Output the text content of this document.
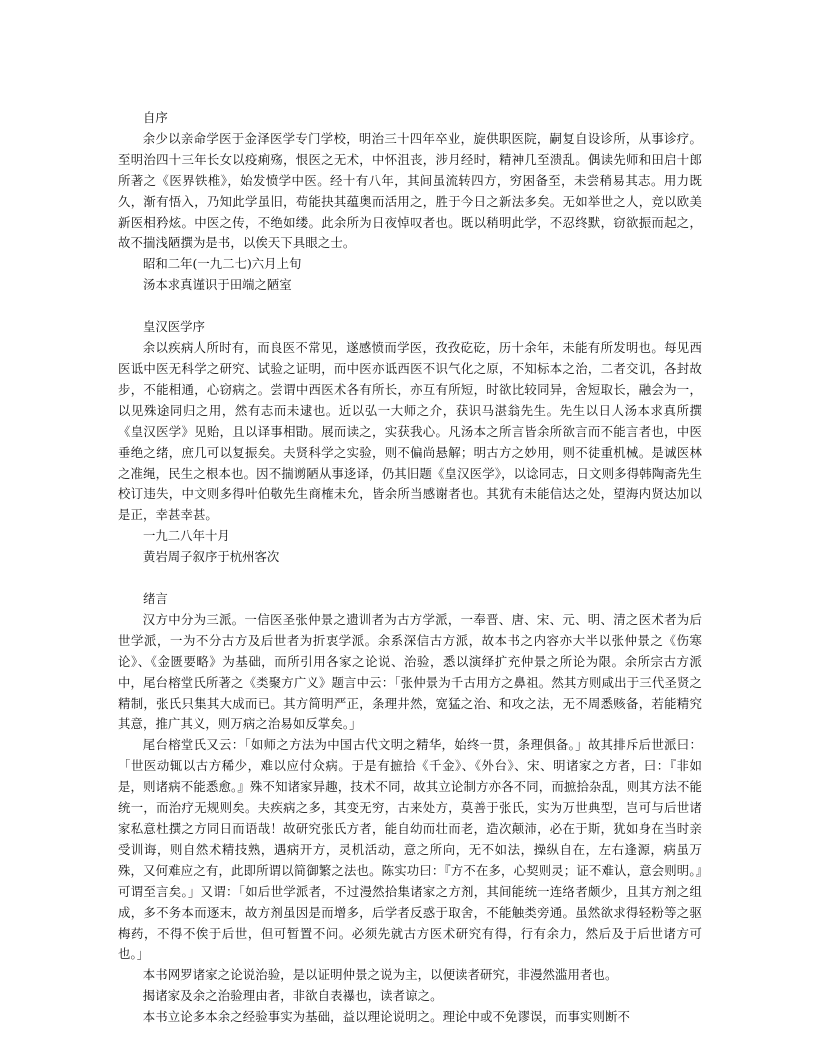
自序

余少以亲命学医于金泽医学专门学校，明治三十四年卒业，旋供职医院，嗣复自设诊所，从事诊疗。至明治四十三年长女以疫痢殇，恨医之无术，中怀沮丧，涉月经时，精神几至溃乱。偶读先师和田启十郎所著之《医界铁椎》，始发愤学中医。经十有八年，其间虽流转四方，穷困备至，未尝稍易其志。用力既久，渐有悟入，乃知此学虽旧，苟能抉其蕴奥而活用之，胜于今日之新法多矣。无如举世之人，竞以欧美新医相矜炫。中医之传，不绝如缕。此余所为日夜悼叹者也。既以稍明此学，不忍终默，窃欲振而起之，故不揣浅陋撰为是书，以俟天下具眼之士。

昭和二年(一九二七)六月上旬
汤本求真谨识于田端之陋室
皇汉医学序

余以疾病人所时有，而良医不常见，遂感愤而学医，孜孜矻矻，历十余年，未能有所发明也。每见西医诋中医无科学之研究、试验之证明，而中医亦诋西医不识气化之原，不知标本之治，二者交讥，各封故步，不能相通，心窃病之。尝谓中西医术各有所长，亦互有所短，时欲比较同异，舍短取长，融会为一，以见殊途同归之用，然有志而未逮也。近以弘一大师之介，获识马湛翁先生。先生以日人汤本求真所撰《皇汉医学》见贻，且以译事相勖。展而读之，实获我心。凡汤本之所言皆余所欲言而不能言者也，中医垂绝之绪，庶几可以复振矣。夫贤科学之实验，则不偏尚悬解；明古方之妙用，则不徒重机械。是诚医林之准绳，民生之根本也。因不揣谫陋从事迻译，仍其旧题《皇汉医学》，以谂同志，日文则多得韩陶斋先生校订违失，中文则多得叶伯敬先生商榷未允，皆余所当感谢者也。其犹有未能信达之处，望海内贤达加以是正，幸甚幸甚。

一九二八年十月
黄岩周子叙序于杭州客次
绪言

汉方中分为三派。一信医圣张仲景之遗训者为古方学派，一奉晋、唐、宋、元、明、清之医术者为后世学派，一为不分古方及后世者为折衷学派。余系深信古方派，故本书之内容亦大半以张仲景之《伤寒论》、《金匮要略》为基础，而所引用各家之论说、治验，悉以演绎扩充仲景之所论为限。余所宗古方派中，尾台榕堂氏所著之《类聚方广义》题言中云：「张仲景为千古用方之鼻祖。然其方则咸出于三代圣贤之精制，张氏只集其大成而已。其方简明严正，条理井然，宽猛之治、和攻之法，无不周悉赅备，若能精究其意，推广其义，则万病之治易如反掌矣。」

尾台榕堂氏又云：「如师之方法为中国古代文明之精华，始终一贯，条理俱备。」故其排斥后世派曰：「世医动辄以古方稀少，难以应付众病。于是有摭拾《千金》、《外台》、宋、明诸家之方者，曰：『非如是，则诸病不能悉愈。』殊不知诸家异趣，技术不同，故其立论制方亦各不同，而摭拾杂乱，则其方法不能统一，而治疗无规则矣。夫疾病之多，其变无穷，古来处方，莫善于张氏，实为万世典型，岂可与后世诸家私意杜撰之方同日而语哉！故研究张氏方者，能自幼而壮而老，造次颠沛，必在于斯，犹如身在当时亲受训诲，则自然术精技熟，遇病开方，灵机活动，意之所向，无不如法，操纵自在，左右逢源，病虽万殊，又何难应之有，此即所谓以简御繁之法也。陈实功曰：『方不在多，心契则灵；证不难认，意会则明。』可谓至言矣。」又谓：「如后世学派者，不过漫然拾集诸家之方剂，其间能统一连络者颇少，且其方剂之组成，多不务本而逐末，故方剂虽因是而增多，后学者反惑于取舍，不能触类旁通。虽然欲求得轻粉等之驱梅药，不得不俟于后世，但可暂置不问。必须先就古方医术研究有得，行有余力，然后及于后世诸方可也。」

本书网罗诸家之论说治验，是以证明仲景之说为主，以便读者研究，非漫然滥用者也。

揭诸家及余之治验理由者，非欲自表襮也，读者谅之。

本书立论多本余之经验事实为基础，益以理论说明之。理论中或不免谬误，而事实则断不
